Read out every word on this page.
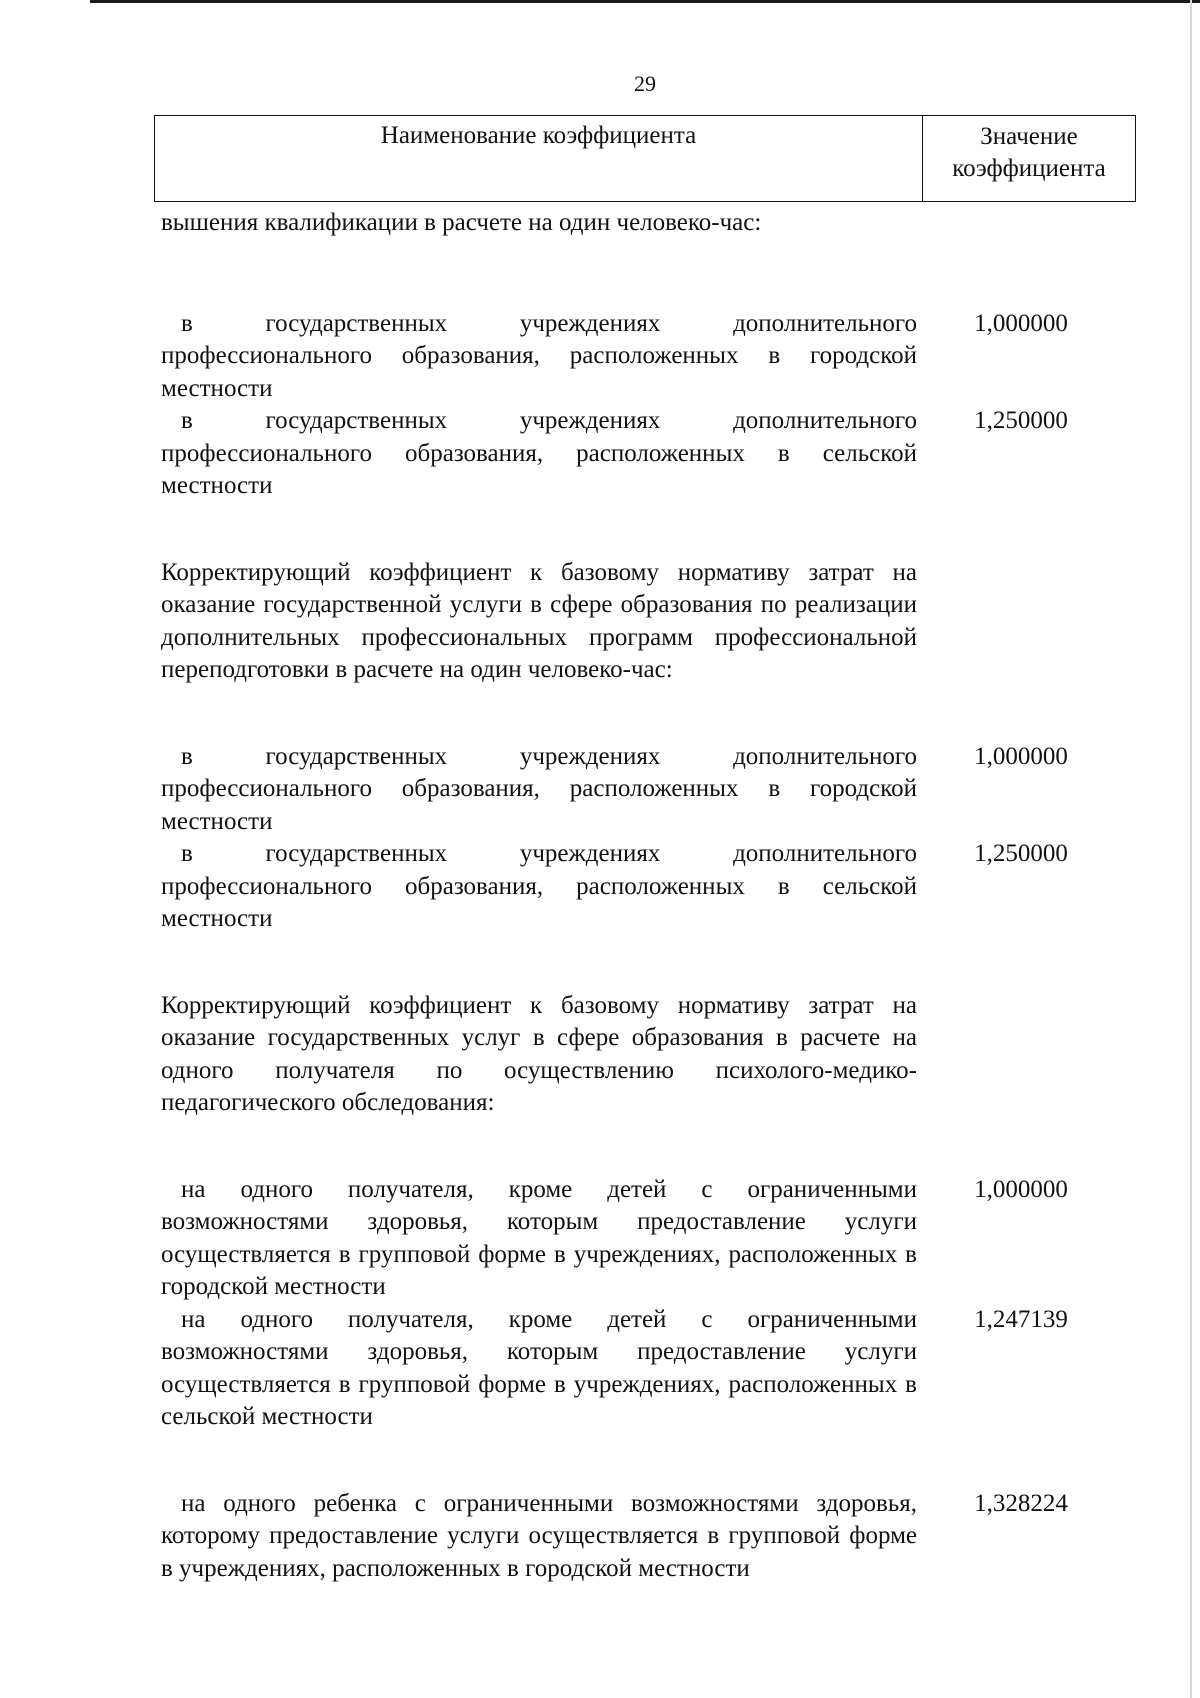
29
Наименование коэффициента	Значение коэффициента

вышения квалификации в расчете на один человеко-час:

в государственных учреждениях дополнительного профессионального образования, расположенных в городской местности

1,000000

в государственных учреждениях дополнительного профессионального образования, расположенных в сельской местности

1,250000

Корректирующий коэффициент к базовому нормативу затрат на оказание государственной услуги в сфере образования по реализации дополнительных профессиональных программ профессиональной переподготовки в расчете на один человеко-час:

в государственных учреждениях дополнительного профессионального образования, расположенных в городской местности

1,000000

в государственных учреждениях дополнительного профессионального образования, расположенных в сельской местности

1,250000

Корректирующий коэффициент к базовому нормативу затрат на оказание государственных услуг в сфере образования в расчете на одного получателя по осуществлению психолого-медико-педагогического обследования:

на одного получателя, кроме детей с ограниченными возможностями здоровья, которым предоставление услуги осуществляется в групповой форме в учреждениях, расположенных в городской местности

1,000000

на одного получателя, кроме детей с ограниченными возможностями здоровья, которым предоставление услуги осуществляется в групповой форме в учреждениях, расположенных в сельской местности

1,247139

на одного ребенка с ограниченными возможностями здоровья, которому предоставление услуги осуществляется в групповой форме в учреждениях, расположенных в городской местности

1,328224
